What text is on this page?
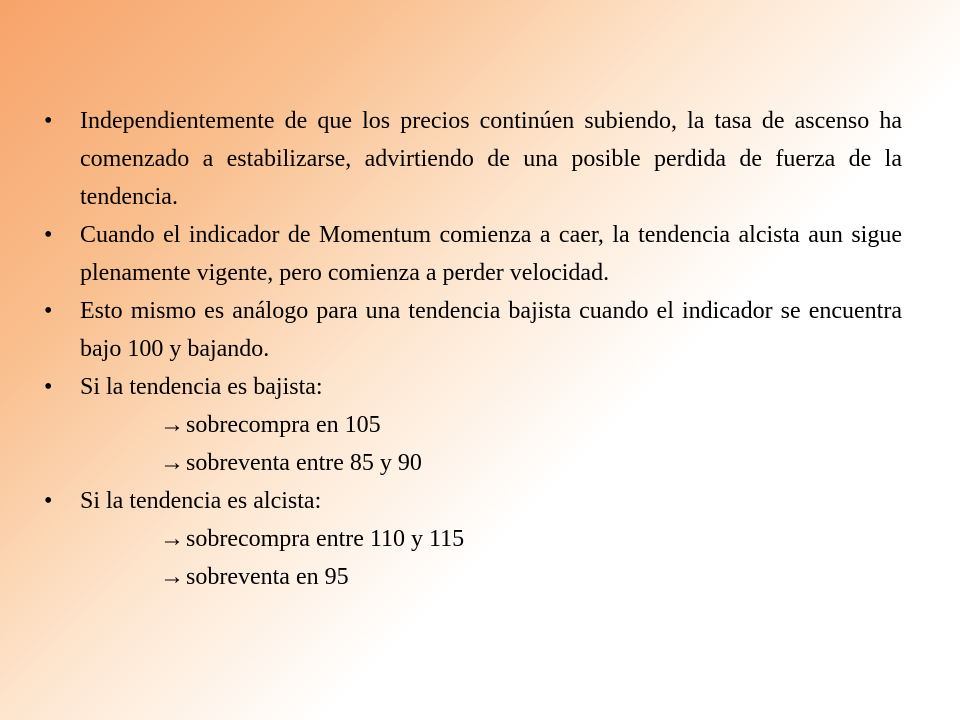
•	Independientemente de que los precios continúen subiendo, la tasa de ascenso ha comenzado a estabilizarse, advirtiendo de una posible perdida de fuerza de la tendencia.
•	Cuando el indicador de Momentum comienza a caer, la tendencia alcista aun sigue plenamente vigente, pero comienza a perder velocidad.
•	Esto mismo es análogo para una tendencia bajista cuando el indicador se encuentra bajo 100 y bajando.
•	Si la tendencia es bajista:
→ sobrecompra en 105
→ sobreventa entre 85 y 90
•	Si la tendencia es alcista:
→ sobrecompra entre 110 y 115
→ sobreventa en 95
